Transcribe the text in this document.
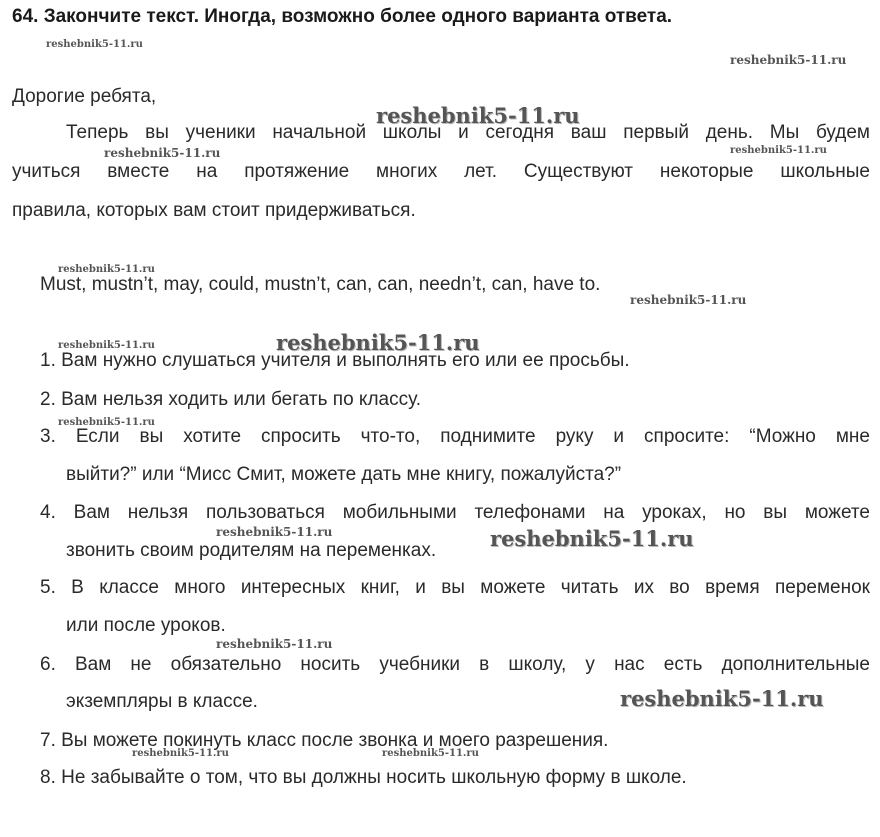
64. Закончите текст. Иногда, возможно более одного варианта ответа.
Дорогие ребята,
Теперь вы ученики начальной школы и сегодня ваш первый день. Мы будем
учиться вместе на протяжение многих лет. Существуют некоторые школьные
правила, которых вам стоит придерживаться.
Must, mustn’t, may, could, mustn’t, can, can, needn’t, can, have to.
1. Вам нужно слушаться учителя и выполнять его или ее просьбы.
2. Вам нельзя ходить или бегать по классу.
3. Если вы хотите спросить что-то, поднимите руку и спросите: “Можно мне
выйти?” или “Мисс Смит, можете дать мне книгу, пожалуйста?”
4. Вам нельзя пользоваться мобильными телефонами на уроках, но вы можете
звонить своим родителям на переменках.
5. В классе много интересных книг, и вы можете читать их во время переменок
или после уроков.
6. Вам не обязательно носить учебники в школу, у нас есть дополнительные
экземпляры в классе.
7. Вы можете покинуть класс после звонка и моего разрешения.
8. Не забывайте о том, что вы должны носить школьную форму в школе.
reshebnik5-11.ru
reshebnik5-11.ru
reshebnik5-11.ru
reshebnik5-11.ru	reshebnik5-11.ru
reshebnik5-11.ru
reshebnik5-11.ru
reshebnik5-11.ru	reshebnik5-11.ru
reshebnik5-11.ru
reshebnik5-11.ru	reshebnik5-11.ru
reshebnik5-11.ru
reshebnik5-11.ru
reshebnik5-11.ru	reshebnik5-11.ru
